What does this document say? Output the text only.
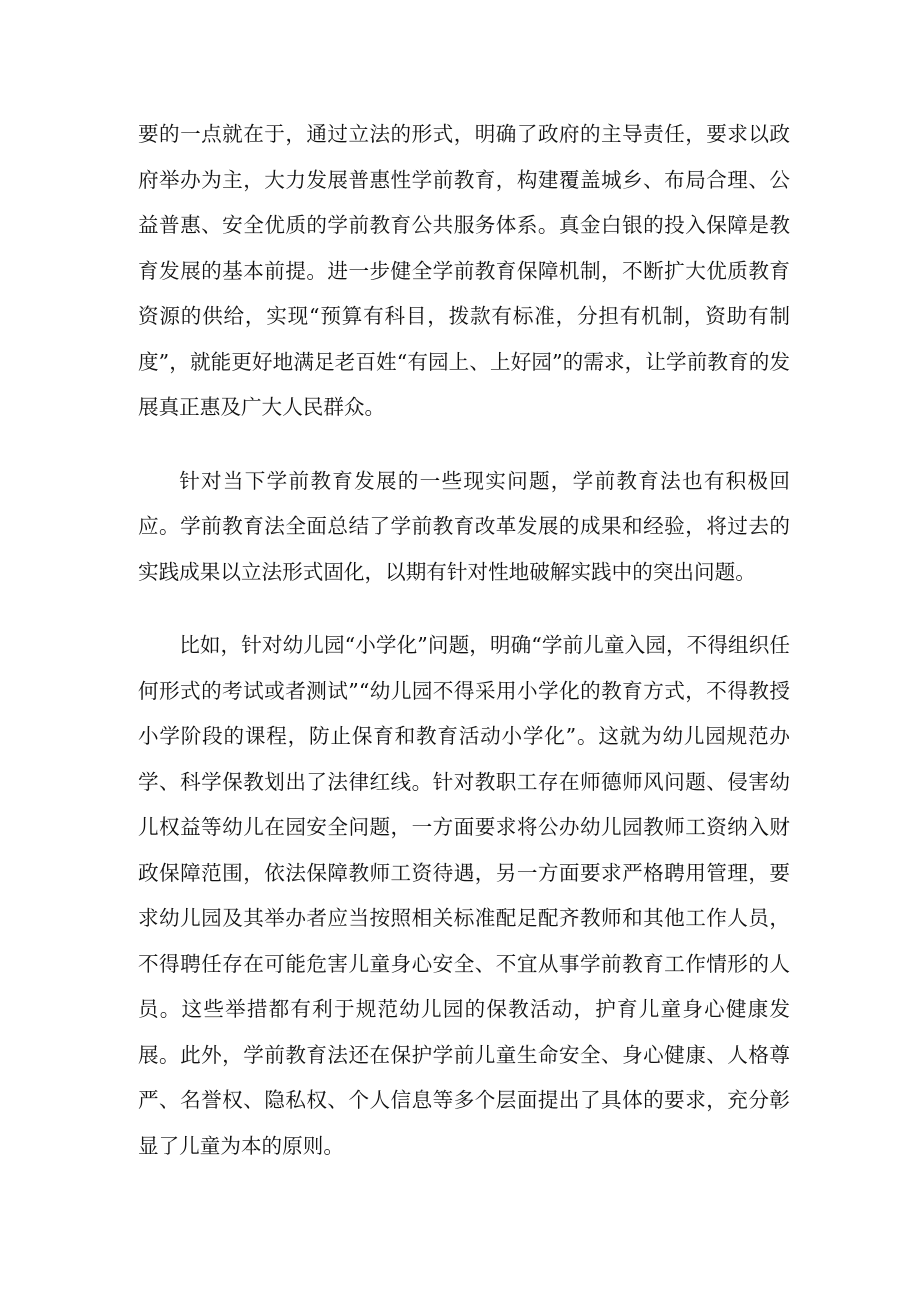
要的一点就在于，通过立法的形式，明确了政府的主导责任，要求以政府举办为主，大力发展普惠性学前教育，构建覆盖城乡、布局合理、公益普惠、安全优质的学前教育公共服务体系。真金白银的投入保障是教育发展的基本前提。进一步健全学前教育保障机制，不断扩大优质教育资源的供给，实现“预算有科目，拨款有标准，分担有机制，资助有制度”，就能更好地满足老百姓“有园上、上好园”的需求，让学前教育的发展真正惠及广大人民群众。

针对当下学前教育发展的一些现实问题，学前教育法也有积极回应。学前教育法全面总结了学前教育改革发展的成果和经验，将过去的实践成果以立法形式固化，以期有针对性地破解实践中的突出问题。

比如，针对幼儿园“小学化”问题，明确“学前儿童入园，不得组织任何形式的考试或者测试”“幼儿园不得采用小学化的教育方式，不得教授小学阶段的课程，防止保育和教育活动小学化”。这就为幼儿园规范办学、科学保教划出了法律红线。针对教职工存在师德师风问题、侵害幼儿权益等幼儿在园安全问题，一方面要求将公办幼儿园教师工资纳入财政保障范围，依法保障教师工资待遇，另一方面要求严格聘用管理，要求幼儿园及其举办者应当按照相关标准配足配齐教师和其他工作人员，不得聘任存在可能危害儿童身心安全、不宜从事学前教育工作情形的人员。这些举措都有利于规范幼儿园的保教活动，护育儿童身心健康发展。此外，学前教育法还在保护学前儿童生命安全、身心健康、人格尊严、名誉权、隐私权、个人信息等多个层面提出了具体的要求，充分彰显了儿童为本的原则。
